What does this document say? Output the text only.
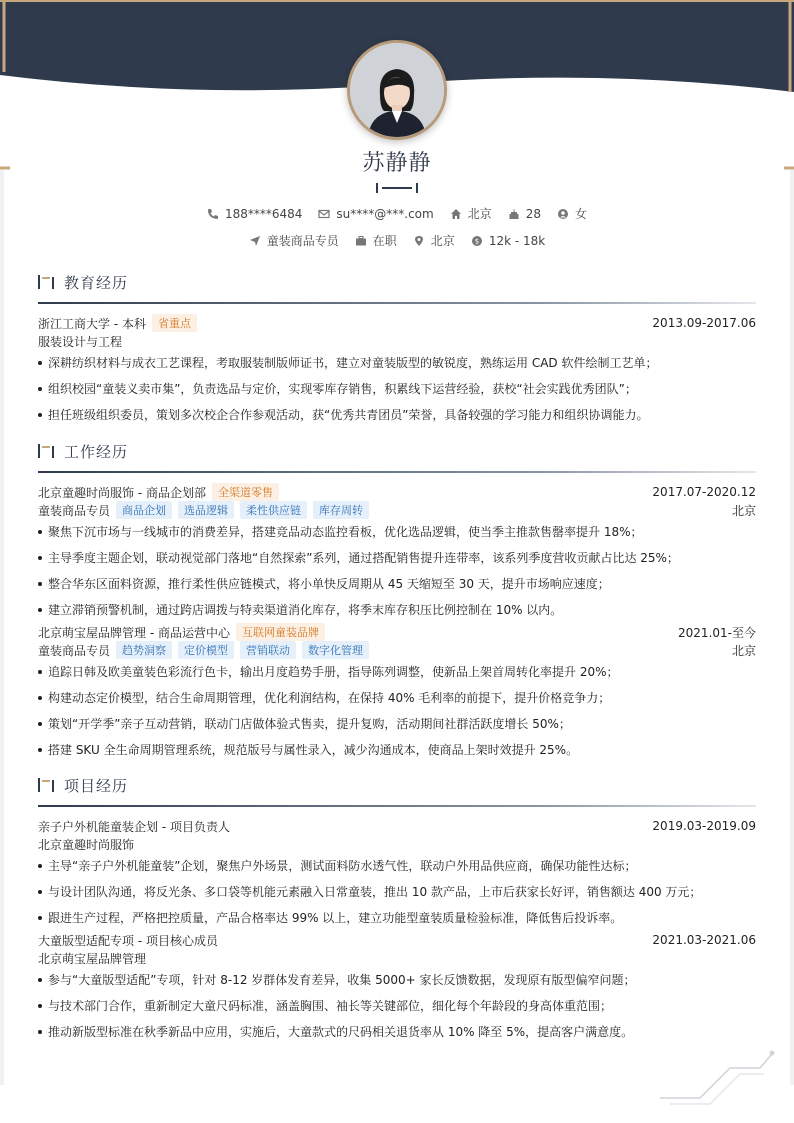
苏静静
188****6484	su****@***.com	北京	28	女
童装商品专员	在职	北京	$ 12k - 18k
教育经历
浙江工商大学 - 本科	省重点	2013.09-2017.06
服装设计与工程
深耕纺织材料与成衣工艺课程，考取服装制版师证书，建立对童装版型的敏锐度，熟练运用 CAD 软件绘制工艺单；
组织校园“童装义卖市集”，负责选品与定价，实现零库存销售，积累线下运营经验，获校“社会实践优秀团队”；
担任班级组织委员，策划多次校企合作参观活动，获“优秀共青团员”荣誉，具备较强的学习能力和组织协调能力。
工作经历
北京童趣时尚服饰 - 商品企划部	全渠道零售	2017.07-2020.12
童装商品专员	商品企划	选品逻辑	柔性供应链	库存周转	北京
聚焦下沉市场与一线城市的消费差异，搭建竞品动态监控看板，优化选品逻辑，使当季主推款售罄率提升 18%；
主导季度主题企划，联动视觉部门落地“自然探索”系列，通过搭配销售提升连带率，该系列季度营收贡献占比达 25%；
整合华东区面料资源，推行柔性供应链模式，将小单快反周期从 45 天缩短至 30 天，提升市场响应速度；
建立滞销预警机制，通过跨店调拨与特卖渠道消化库存，将季末库存积压比例控制在 10% 以内。
北京萌宝屋品牌管理 - 商品运营中心	互联网童装品牌	2021.01-至今
童装商品专员	趋势洞察	定价模型	营销联动	数字化管理	北京
追踪日韩及欧美童装色彩流行色卡，输出月度趋势手册，指导陈列调整，使新品上架首周转化率提升 20%；
构建动态定价模型，结合生命周期管理，优化利润结构，在保持 40% 毛利率的前提下，提升价格竞争力；
策划“开学季”亲子互动营销，联动门店做体验式售卖，提升复购，活动期间社群活跃度增长 50%；
搭建 SKU 全生命周期管理系统，规范版号与属性录入，减少沟通成本，使商品上架时效提升 25%。
项目经历
亲子户外机能童装企划 - 项目负责人	2019.03-2019.09
北京童趣时尚服饰
主导“亲子户外机能童装”企划，聚焦户外场景，测试面料防水透气性，联动户外用品供应商，确保功能性达标；
与设计团队沟通，将反光条、多口袋等机能元素融入日常童装，推出 10 款产品，上市后获家长好评，销售额达 400 万元；
跟进生产过程，严格把控质量，产品合格率达 99% 以上，建立功能型童装质量检验标准，降低售后投诉率。
大童版型适配专项 - 项目核心成员	2021.03-2021.06
北京萌宝屋品牌管理
参与“大童版型适配”专项，针对 8-12 岁群体发育差异，收集 5000+ 家长反馈数据，发现原有版型偏窄问题；
与技术部门合作，重新制定大童尺码标准，涵盖胸围、袖长等关键部位，细化每个年龄段的身高体重范围；
推动新版型标准在秋季新品中应用，实施后，大童款式的尺码相关退货率从 10% 降至 5%，提高客户满意度。
